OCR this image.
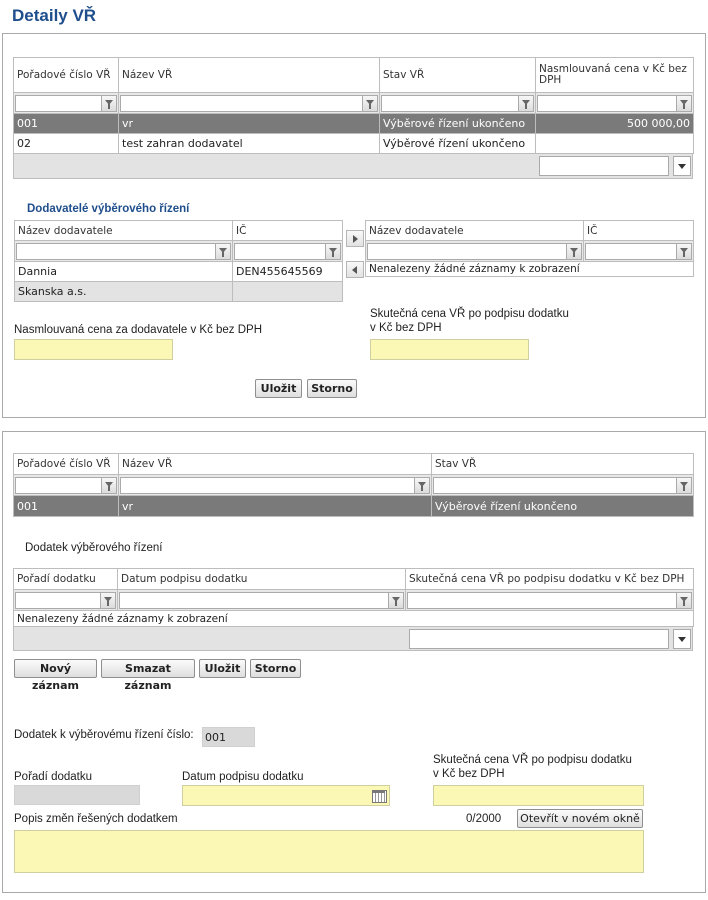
Detaily VŘ
Pořadové číslo VŘ	Název VŘ	Stav VŘ	Nasmlouvaná cena v Kč bez DPH

001	vr	Výběrové řízení ukončeno	500 000,00
02	test zahran dodavatel	Výběrové řízení ukončeno	
Dodavatelé výběrového řízení
Název dodavatele	IČ

Dannia	DEN455645569
Skanska a.s.	
Název dodavatele	IČ

Nenalezeny žádné záznamy k zobrazení	
Nasmlouvaná cena za dodavatele v Kč bez DPH
Skutečná cena VŘ po podpisu dodatku
v Kč bez DPH
Uložit	Storno
Pořadové číslo VŘ	Název VŘ	Stav VŘ

001	vr	Výběrové řízení ukončeno
Dodatek výběrového řízení
Pořadí dodatku	Datum podpisu dodatku	Skutečná cena VŘ po podpisu dodatku v Kč bez DPH

Nenalezeny žádné záznamy k zobrazení		
Nový záznam
Smazat záznam
Uložit	Storno
Dodatek k výběrovému řízení číslo: 001
Pořadí dodatku	Datum podpisu dodatku
Skutečná cena VŘ po podpisu dodatku
v Kč bez DPH
Popis změn řešených dodatkem	0/2000 Otevřít v novém okně
